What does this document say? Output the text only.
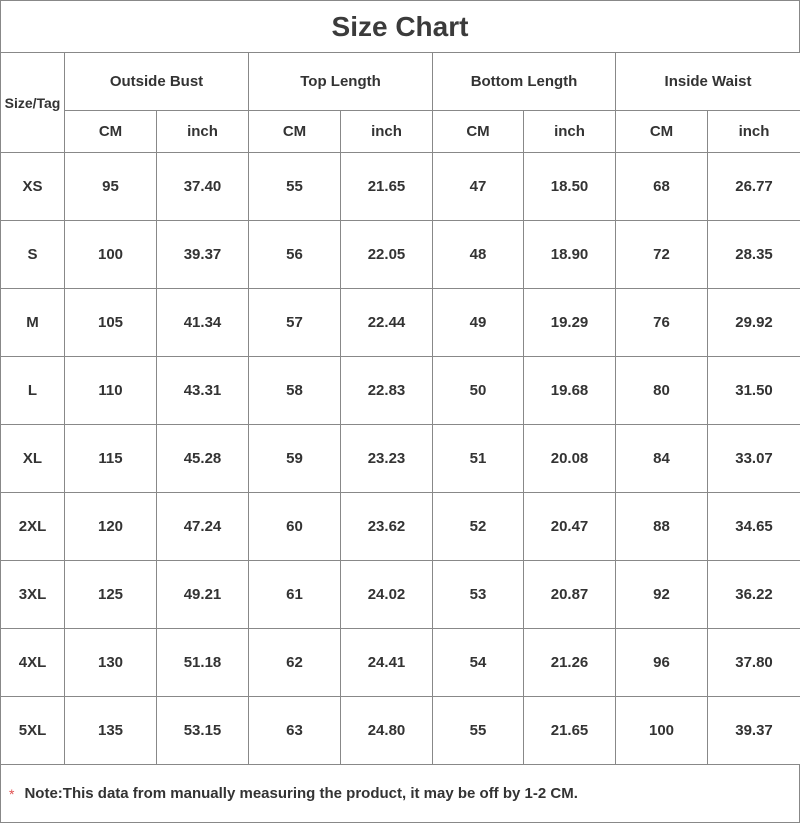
Size Chart
Size/Tag	Outside Bust		Top Length		Bottom Length		Inside Waist	
	CM	inch	CM	inch	CM	inch	CM	inch
XS	95	37.40	55	21.65	47	18.50	68	26.77
S	100	39.37	56	22.05	48	18.90	72	28.35
M	105	41.34	57	22.44	49	19.29	76	29.92
L	110	43.31	58	22.83	50	19.68	80	31.50
XL	115	45.28	59	23.23	51	20.08	84	33.07
2XL	120	47.24	60	23.62	52	20.47	88	34.65
3XL	125	49.21	61	24.02	53	20.87	92	36.22
4XL	130	51.18	62	24.41	54	21.26	96	37.80
5XL	135	53.15	63	24.80	55	21.65	100	39.37
* Note:This data from manually measuring the product, it may be off by 1-2 CM.
